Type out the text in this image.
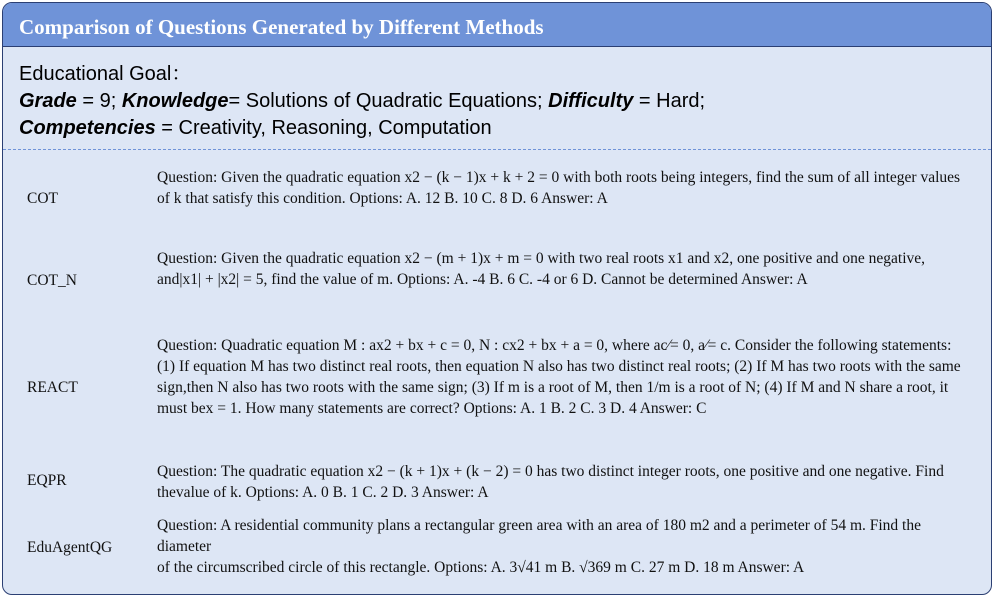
Comparison of Questions Generated by Different Methods
Educational Goal：
Grade = 9; Knowledge= Solutions of Quadratic Equations; Difficulty = Hard;
Competencies = Creativity, Reasoning, Computation
COT
Question: Given the quadratic equation x2 − (k − 1)x + k + 2 = 0 with both roots being integers, find the sum of all integer values
of k that satisfy this condition. Options: A. 12 B. 10 C. 8 D. 6 Answer: A
COT_N
Question: Given the quadratic equation x2 − (m + 1)x + m = 0 with two real roots x1 and x2, one positive and one negative, and|x1| + |x2| = 5, find the value of m. Options: A. -4 B. 6 C. -4 or 6 D. Cannot be determined Answer: A
REACT
Question: Quadratic equation M : ax2 + bx + c = 0, N : cx2 + bx + a = 0, where ac⁄= 0, a⁄= c. Consider the following statements:(1) If equation M has two distinct real roots, then equation N also has two distinct real roots; (2) If M has two roots with the same sign,then N also has two roots with the same sign; (3) If m is a root of M, then 1/m is a root of N; (4) If M and N share a root, it must bex = 1. How many statements are correct? Options: A. 1 B. 2 C. 3 D. 4 Answer: C
EQPR
Question: The quadratic equation x2 − (k + 1)x + (k − 2) = 0 has two distinct integer roots, one positive and one negative. Find thevalue of k. Options: A. 0 B. 1 C. 2 D. 3 Answer: A
EduAgentQG
Question: A residential community plans a rectangular green area with an area of 180 m2 and a perimeter of 54 m. Find the diameter
of the circumscribed circle of this rectangle. Options: A. 3√41 m B. √369 m C. 27 m D. 18 m Answer: A
